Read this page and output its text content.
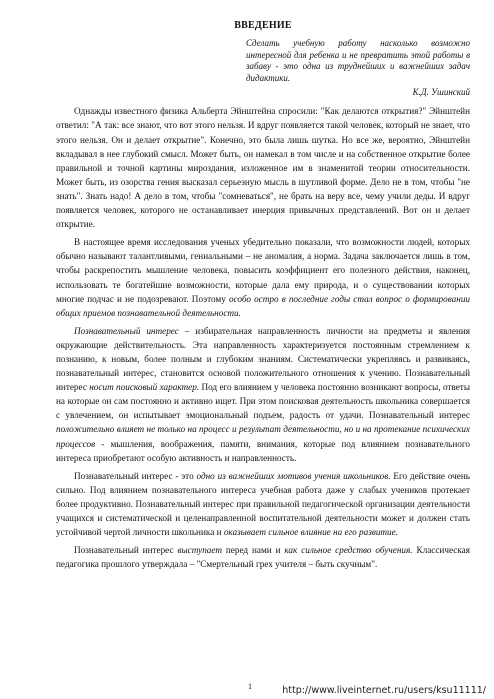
ВВЕДЕНИЕ
Сделать учебную работу насколько возможно интересной для ребенка и не превратить этой работы в забаву - это одна из труднейших и важнейших задач дидактики.
К.Д. Ушинский

Однажды известного физика Альберта Эйнштейна спросили: "Как делаются открытия?" Эйнштейн ответил: "А так: все знают, что вот этого нельзя. И вдруг появляется такой человек, который не знает, что этого нельзя. Он и делает открытие". Конечно, это была лишь шутка. Но все же, вероятно, Эйнштейн вкладывал в нее глубокий смысл. Может быть, он намекал в том числе и на собственное открытие более правильной и точной картины мироздания, изложенное им в знаменитой теории относительности. Может быть, из озорства гения высказал серьезную мысль в шутливой форме. Дело не в том, чтобы "не знать". Знать надо! А дело в том, чтобы "сомневаться", не брать на веру все, чему учили деды. И вдруг появляется человек, которого не останавливает инерция привычных представлений. Вот он и делает открытие.

В настоящее время исследования ученых убедительно показали, что возможности людей, которых обычно называют талантливыми, гениальными – не аномалия, а норма. Задача заключается лишь в том, чтобы раскрепостить мышление человека, повысить коэффициент его полезного действия, наконец, использовать те богатейшие возможности, которые дала ему природа, и о существовании которых многие подчас и не подозревают. Поэтому особо остро в последние годы стал вопрос о формировании общих приемов познавательной деятельности.

Познавательный интерес – избирательная направленность личности на предметы и явления окружающие действительность. Эта направленность характеризуется постоянным стремлением к познанию, к новым, более полным и глубоким знаниям. Систематически укрепляясь и развиваясь, познавательный интерес, становится основой положительного отношения к учению. Познавательный интерес носит поисковый характер. Под его влиянием у человека постоянно возникают вопросы, ответы на которые он сам постоянно и активно ищет. При этом поисковая деятельность школьника совершается с увлечением, он испытывает эмоциональный подъем, радость от удачи. Познавательный интерес положительно влияет не только на процесс и результат деятельности, но и на протекание психических процессов - мышления, воображения, памяти, внимания, которые под влиянием познавательного интереса приобретают особую активность и направленность.

Познавательный интерес - это одно из важнейших мотивов учения школьников. Его действие очень сильно. Под влиянием познавательного интереса учебная работа даже у слабых учеников протекает более продуктивно. Познавательный интерес при правильной педагогической организации деятельности учащихся и систематической и целенаправленной воспитательной деятельности может и должен стать устойчивой чертой личности школьника и оказывает сильное влияние на его развитие.

Познавательный интерес выступает перед нами и как сильное средство обучения. Классическая педагогика прошлого утверждала – "Смертельный грех учителя – быть скучным".

1	http://www.liveinternet.ru/users/ksu11111/
